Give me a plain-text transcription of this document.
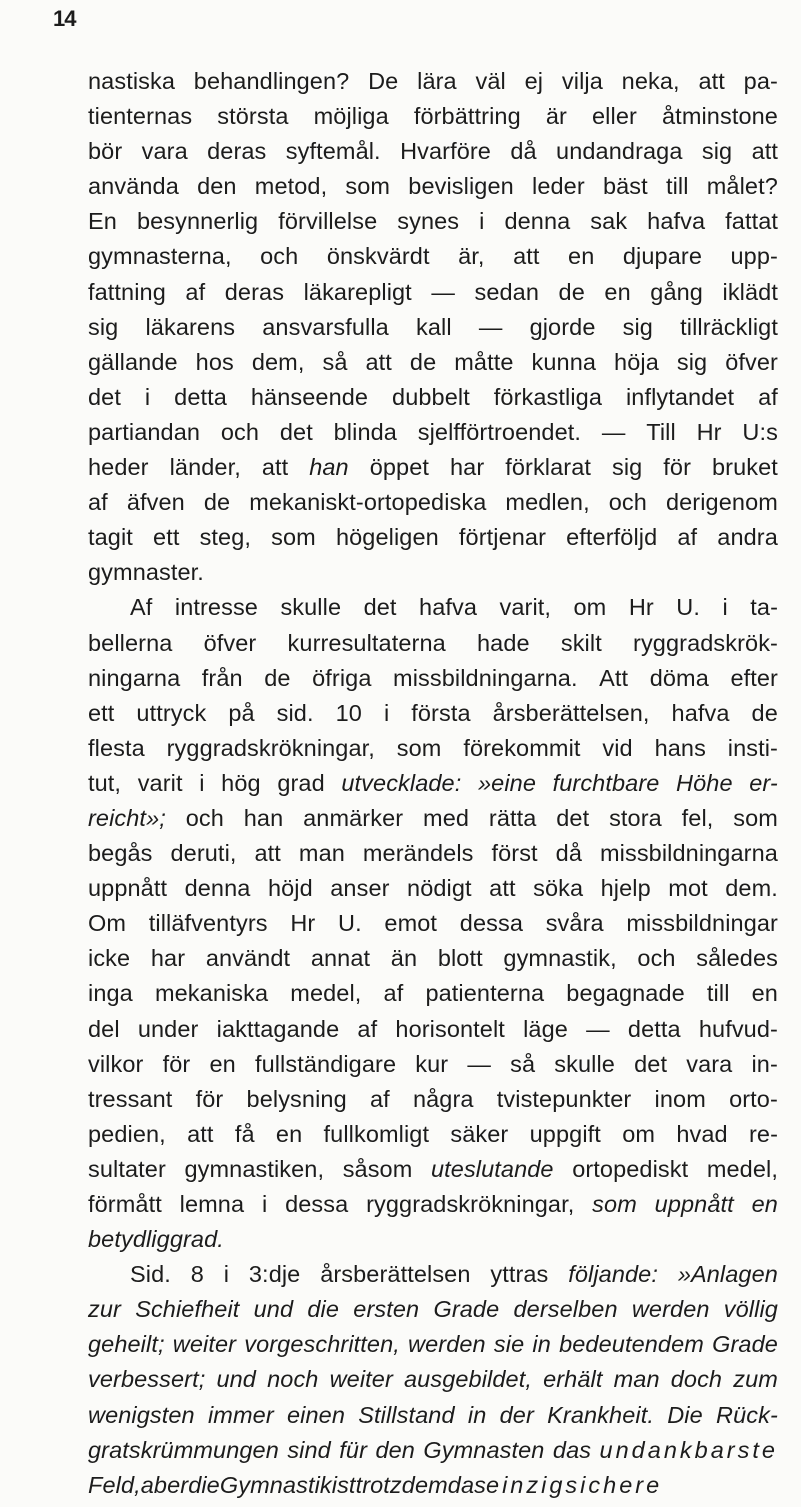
14
nastiska behandlingen? De lära väl ej vilja neka, att pa-
tienternas största möjliga förbättring är eller åtminstone
bör vara deras syftemål. Hvarföre då undandraga sig att
använda den metod, som bevisligen leder bäst till målet?
En besynnerlig förvillelse synes i denna sak hafva fattat
gymnasterna, och önskvärdt är, att en djupare upp-
fattning af deras läkarepligt — sedan de en gång iklädt
sig läkarens ansvarsfulla kall — gjorde sig tillräckligt
gällande hos dem, så att de måtte kunna höja sig öfver
det i detta hänseende dubbelt förkastliga inflytandet af
partiandan och det blinda sjelfförtroendet. — Till Hr U:s
heder länder, att han öppet har förklarat sig för bruket
af äfven de mekaniskt-ortopediska medlen, och derigenom
tagit ett steg, som högeligen förtjenar efterföljd af andra
gymnaster.
Af intresse skulle det hafva varit, om Hr U. i ta-
bellerna öfver kurresultaterna hade skilt ryggradskrök-
ningarna från de öfriga missbildningarna. Att döma efter
ett uttryck på sid. 10 i första årsberättelsen, hafva de
flesta ryggradskrökningar, som förekommit vid hans insti-
tut, varit i hög grad utvecklade: »eine furchtbare Höhe er-
reicht»; och han anmärker med rätta det stora fel, som
begås deruti, att man merändels först då missbildningarna
uppnått denna höjd anser nödigt att söka hjelp mot dem.
Om tilläfventyrs Hr U. emot dessa svåra missbildningar
icke har användt annat än blott gymnastik, och således
inga mekaniska medel, af patienterna begagnade till en
del under iakttagande af horisontelt läge — detta hufvud-
vilkor för en fullständigare kur — så skulle det vara in-
tressant för belysning af några tvistepunkter inom orto-
pedien, att få en fullkomligt säker uppgift om hvad re-
sultater gymnastiken, såsom uteslutande ortopediskt medel,
förmått lemna i dessa ryggradskrökningar, som uppnått en
betydlig grad.
Sid. 8 i 3:dje årsberättelsen yttras följande: »Anlagen
zur Schiefheit und die ersten Grade derselben werden völlig
geheilt; weiter vorgeschritten, werden sie in bedeutendem Grade
verbessert; und noch weiter ausgebildet, erhält man doch zum
wenigsten immer einen Stillstand in der Krankheit. Die Rück-
gratskrümmungen sind für den Gymnasten das undankbarste
Feld, aber die Gymnastik ist trotzdem das einzig sichere
